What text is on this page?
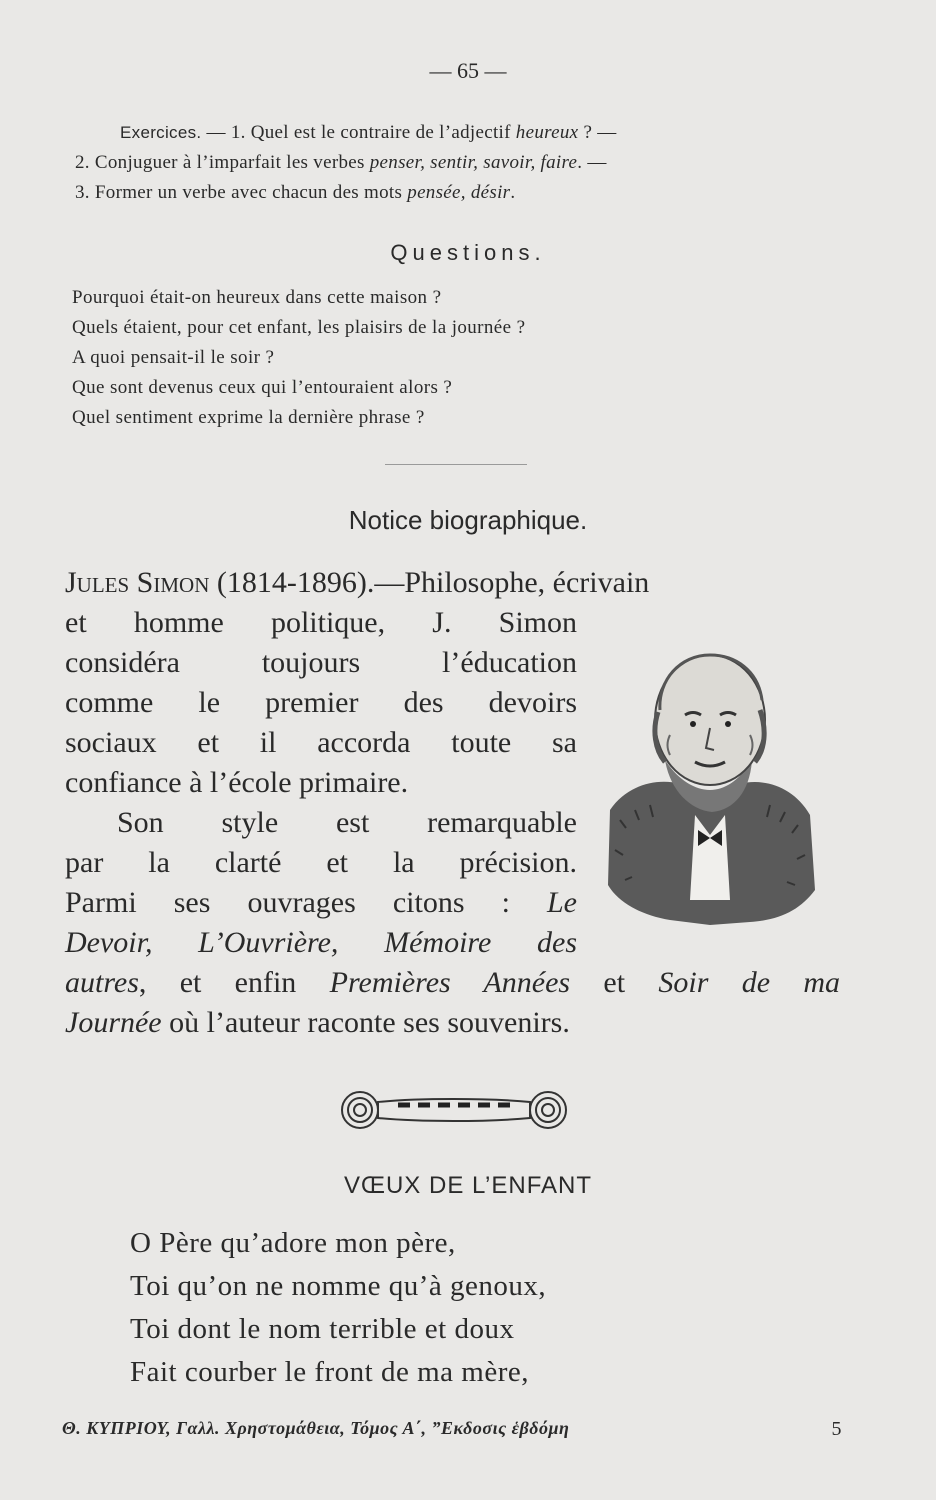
— 65 —
Exercices. — 1. Quel est le contraire de l’adjectif heureux ? —
2. Conjuguer à l’imparfait les verbes penser, sentir, savoir, faire. —
3. Former un verbe avec chacun des mots pensée, désir.
Questions.
Pourquoi était-on heureux dans cette maison ?
Quels étaient, pour cet enfant, les plaisirs de la journée ?
A quoi pensait-il le soir ?
Que sont devenus ceux qui l’entouraient alors ?
Quel sentiment exprime la dernière phrase ?
Notice biographique.
Jules Simon (1814-1896).—Philosophe, écrivain
et homme politique, J. Simon
considéra toujours l’éducation
comme le premier des devoirs
sociaux et il accorda toute sa
confiance à l’école primaire.
Son style est remarquable
par la clarté et la précision.
Parmi ses ouvrages citons : Le
Devoir, L’Ouvrière, Mémoire des
autres, et enfin Premières Années et Soir de ma
Journée où l’auteur raconte ses souvenirs.
VŒUX DE L’ENFANT
O Père qu’adore mon père,
Toi qu’on ne nomme qu’à genoux,
Toi dont le nom terrible et doux
Fait courber le front de ma mère,
Θ. ΚΥΠΡΙΟΥ, Γαλλ. Χρηστομάθεια, Τόμος Α΄, ”Εκδοσις ἑβδόμη	5
